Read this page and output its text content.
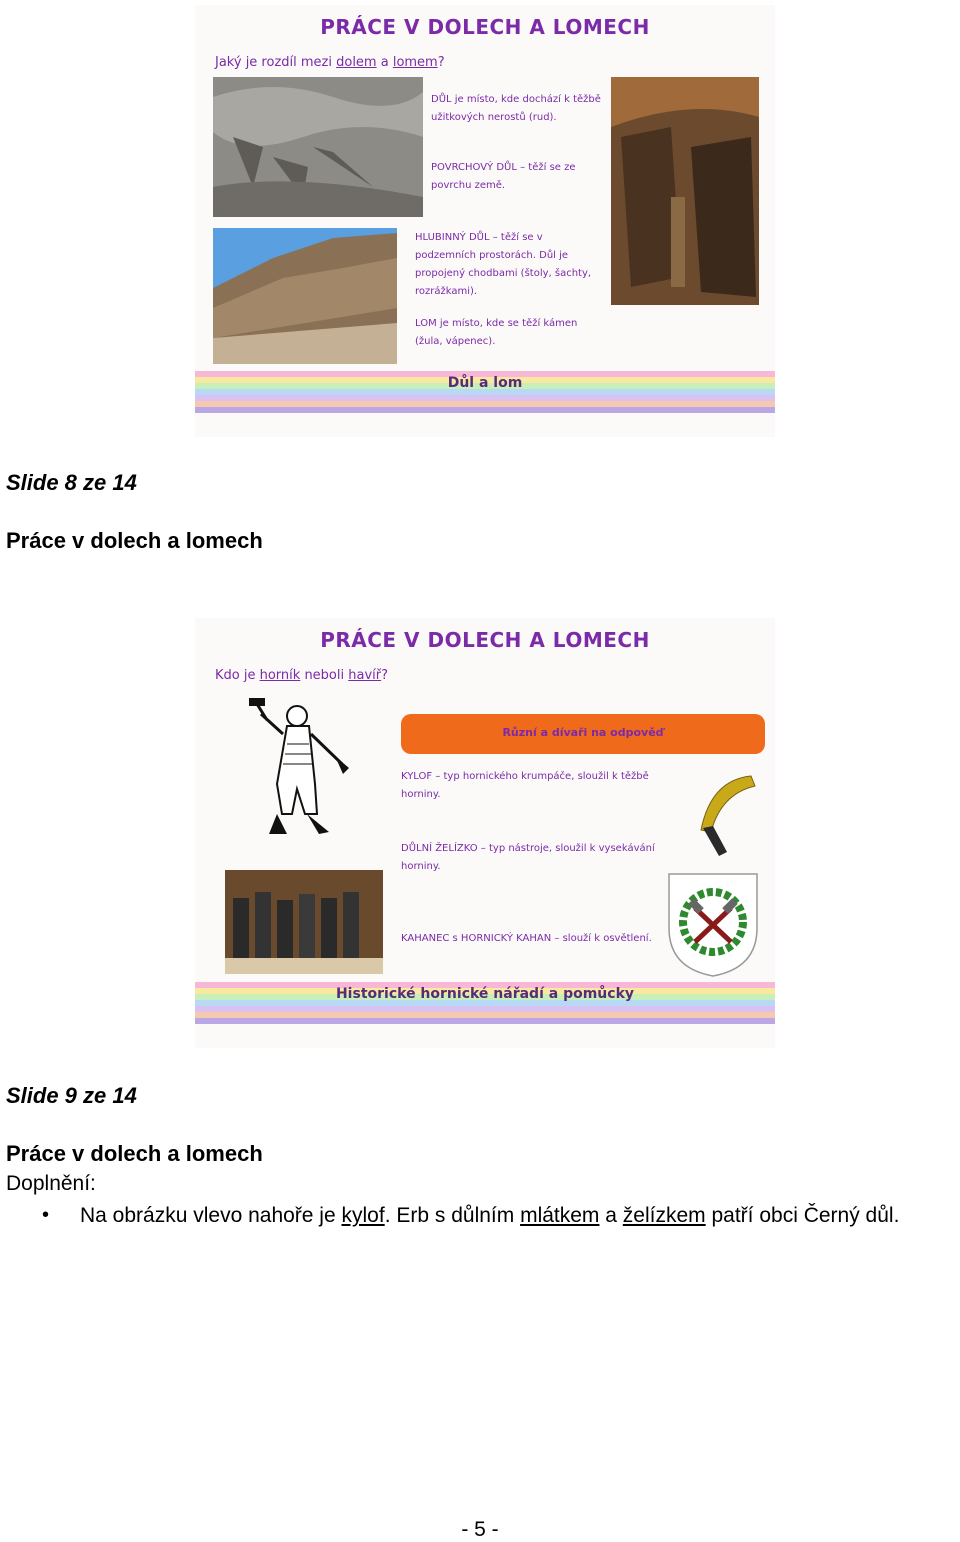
PRÁCE V DOLECH A LOMECH
Jaký je rozdíl mezi dolem a lomem?
DŮL je místo, kde dochází k těžbě užitkových nerostů (rud).
POVRCHOVÝ DŮL – těží se ze povrchu země.
HLUBINNÝ DŮL – těží se v podzemních prostorách. Důl je propojený chodbami (štoly, šachty, rozrážkami).
LOM je místo, kde se těží kámen (žula, vápenec).
Důl a lom
Slide 8 ze 14
Práce v dolech a lomech
PRÁCE V DOLECH A LOMECH
Kdo je horník neboli havíř?
Různí a dívaři na odpověď
KYLOF – typ hornického krumpáče, sloužil k těžbě horniny.
DŮLNÍ ŽELÍZKO – typ nástroje, sloužil k vysekávání horniny.
KAHANEC s HORNICKÝ KAHAN – slouží k osvětlení.
Historické hornické nářadí a pomůcky
Slide 9 ze 14
Práce v dolech a lomech
Doplnění:
• Na obrázku vlevo nahoře je kylof. Erb s důlním mlátkem a želízkem patří obci Černý důl.
- 5 -
